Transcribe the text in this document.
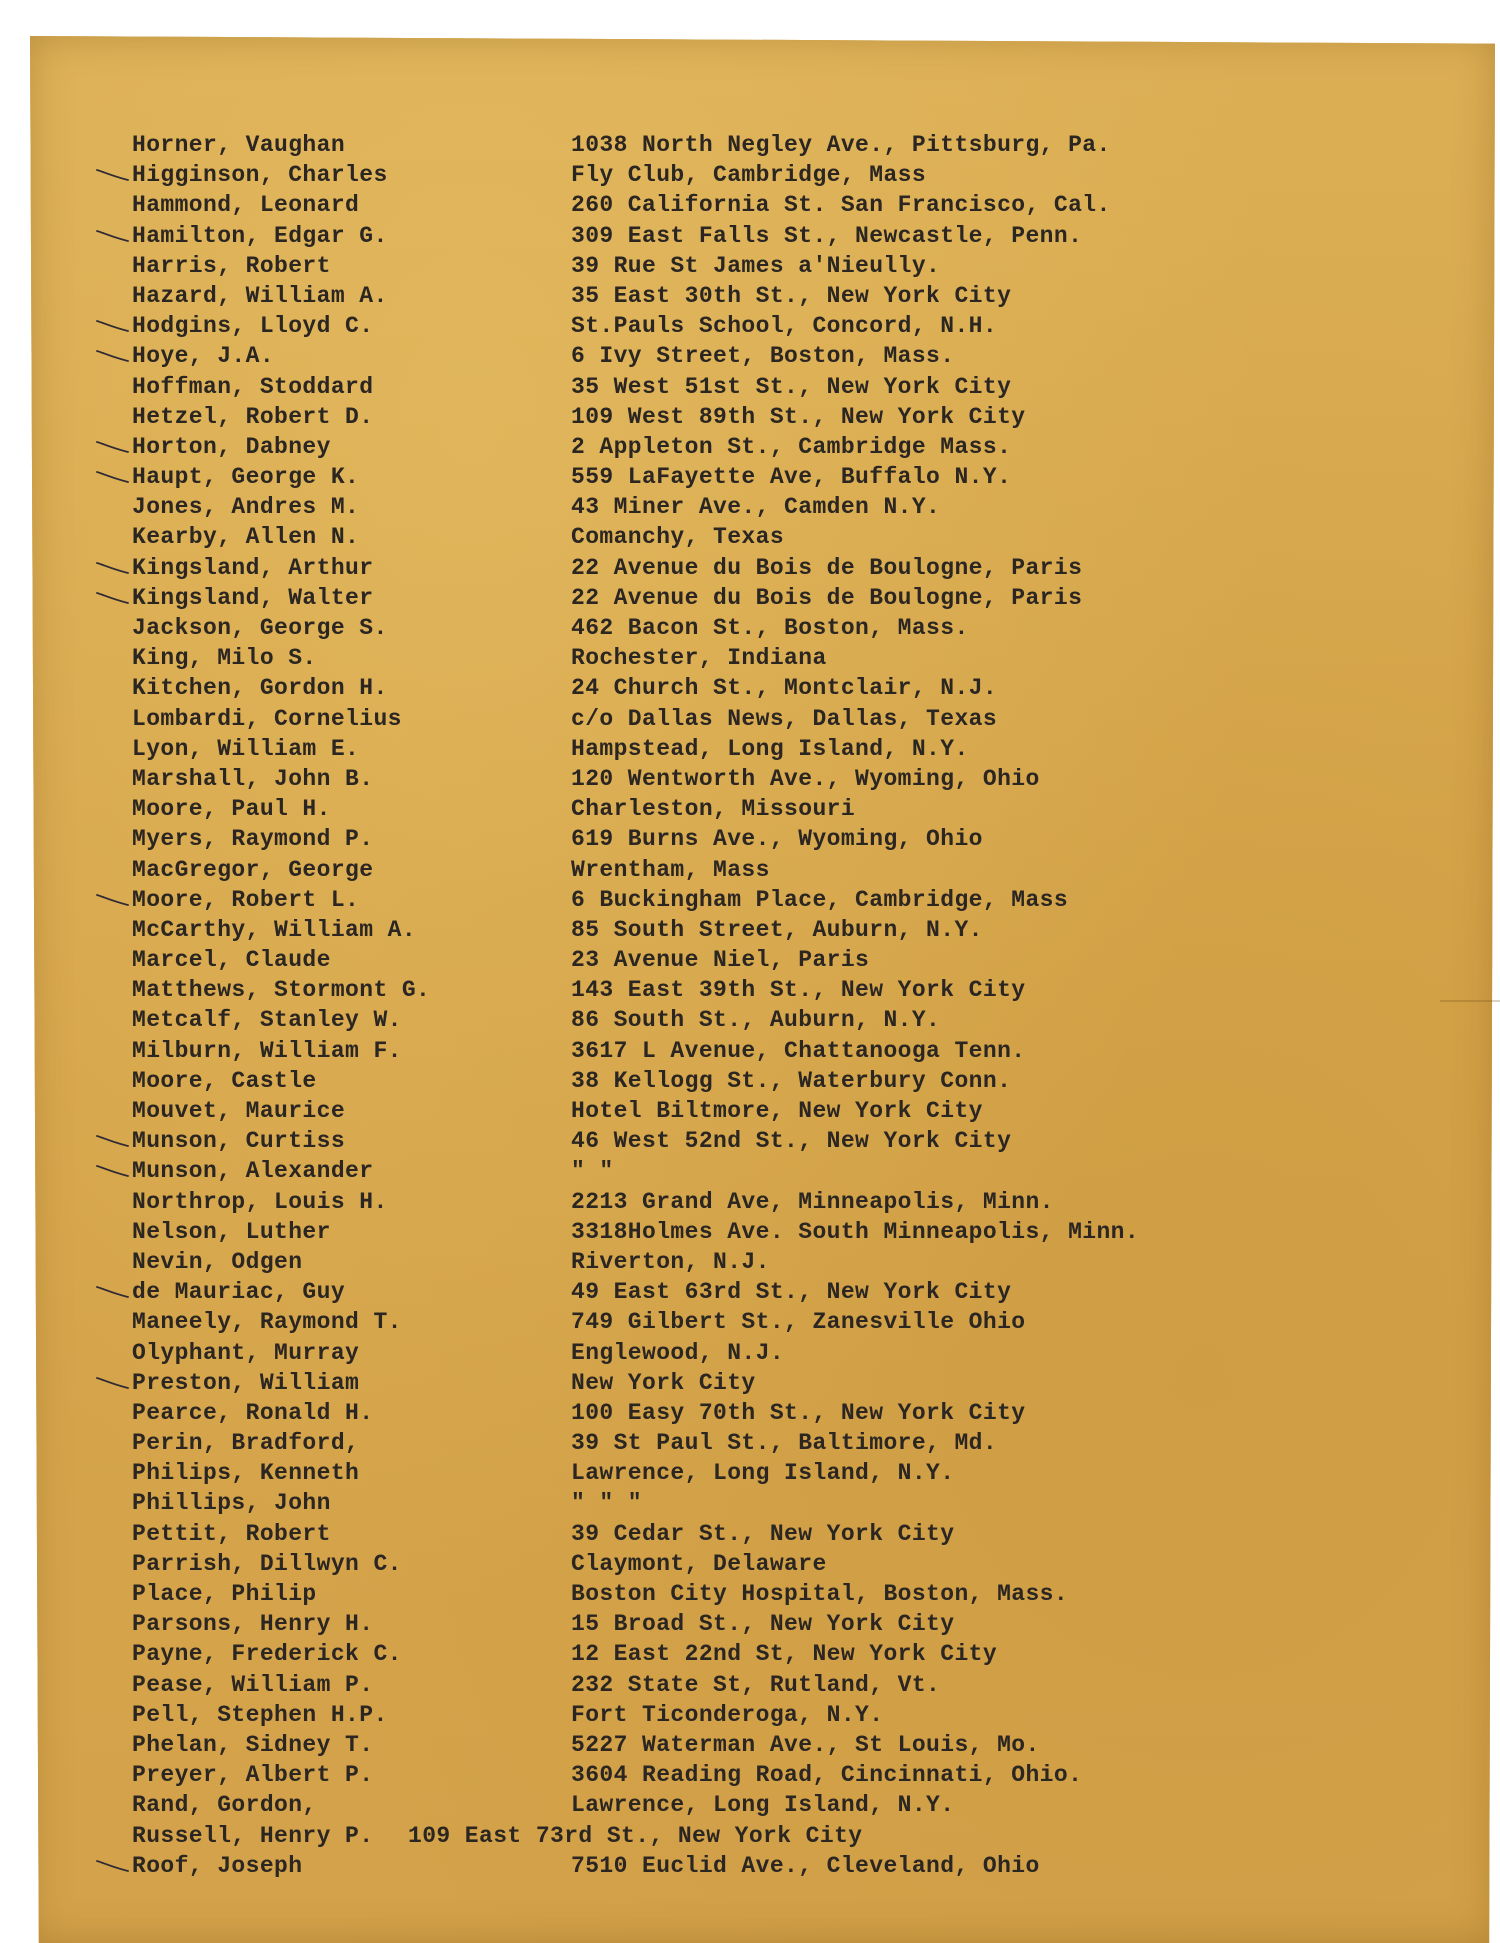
Horner, Vaughan	1038 North Negley Ave., Pittsburg, Pa.
Higginson, Charles	Fly Club, Cambridge, Mass
Hammond, Leonard	260 California St. San Francisco, Cal.
Hamilton, Edgar G.	309 East Falls St., Newcastle, Penn.
Harris, Robert	39 Rue St James a'Nieully.
Hazard, William A.	35 East 30th St., New York City
Hodgins, Lloyd C.	St.Pauls School, Concord, N.H.
Hoye, J.A.	6 Ivy Street, Boston, Mass.
Hoffman, Stoddard	35 West 51st St., New York City
Hetzel, Robert D.	109 West 89th St., New York City
Horton, Dabney	2 Appleton St., Cambridge Mass.
Haupt, George K.	559 LaFayette Ave, Buffalo N.Y.
Jones, Andres M.	43 Miner Ave., Camden N.Y.
Kearby, Allen N.	Comanchy, Texas
Kingsland, Arthur	22 Avenue du Bois de Boulogne, Paris
Kingsland, Walter	22 Avenue du Bois de Boulogne, Paris
Jackson, George S.	462 Bacon St., Boston, Mass.
King, Milo S.	Rochester, Indiana
Kitchen, Gordon H.	24 Church St., Montclair, N.J.
Lombardi, Cornelius	c/o Dallas News, Dallas, Texas
Lyon, William E.	Hampstead, Long Island, N.Y.
Marshall, John B.	120 Wentworth Ave., Wyoming, Ohio
Moore, Paul H.	Charleston, Missouri
Myers, Raymond P.	619 Burns Ave., Wyoming, Ohio
MacGregor, George	Wrentham, Mass
Moore, Robert L.	6 Buckingham Place, Cambridge, Mass
McCarthy, William A.	85 South Street, Auburn, N.Y.
Marcel, Claude	23 Avenue Niel, Paris
Matthews, Stormont G.	143 East 39th St., New York City
Metcalf, Stanley W.	86 South St., Auburn, N.Y.
Milburn, William F.	3617 L Avenue, Chattanooga Tenn.
Moore, Castle	38 Kellogg St., Waterbury Conn.
Mouvet, Maurice	Hotel Biltmore, New York City
Munson, Curtiss	46 West 52nd St., New York City
Munson, Alexander	" "
Northrop, Louis H.	2213 Grand Ave, Minneapolis, Minn.
Nelson, Luther	3318Holmes Ave. South Minneapolis, Minn.
Nevin, Odgen	Riverton, N.J.
de Mauriac, Guy	49 East 63rd St., New York City
Maneely, Raymond T.	749 Gilbert St., Zanesville Ohio
Olyphant, Murray	Englewood, N.J.
Preston, William	New York City
Pearce, Ronald H.	100 Easy 70th St., New York City
Perin, Bradford,	39 St Paul St., Baltimore, Md.
Philips, Kenneth	Lawrence, Long Island, N.Y.
Phillips, John	" " "
Pettit, Robert	39 Cedar St., New York City
Parrish, Dillwyn C.	Claymont, Delaware
Place, Philip	Boston City Hospital, Boston, Mass.
Parsons, Henry H.	15 Broad St., New York City
Payne, Frederick C.	12 East 22nd St, New York City
Pease, William P.	232 State St, Rutland, Vt.
Pell, Stephen H.P.	Fort Ticonderoga, N.Y.
Phelan, Sidney T.	5227 Waterman Ave., St Louis, Mo.
Preyer, Albert P.	3604 Reading Road, Cincinnati, Ohio.
Rand, Gordon,	Lawrence, Long Island, N.Y.
Russell, Henry P. 109 East 73rd St., New York City
Roof, Joseph	7510 Euclid Ave., Cleveland, Ohio
